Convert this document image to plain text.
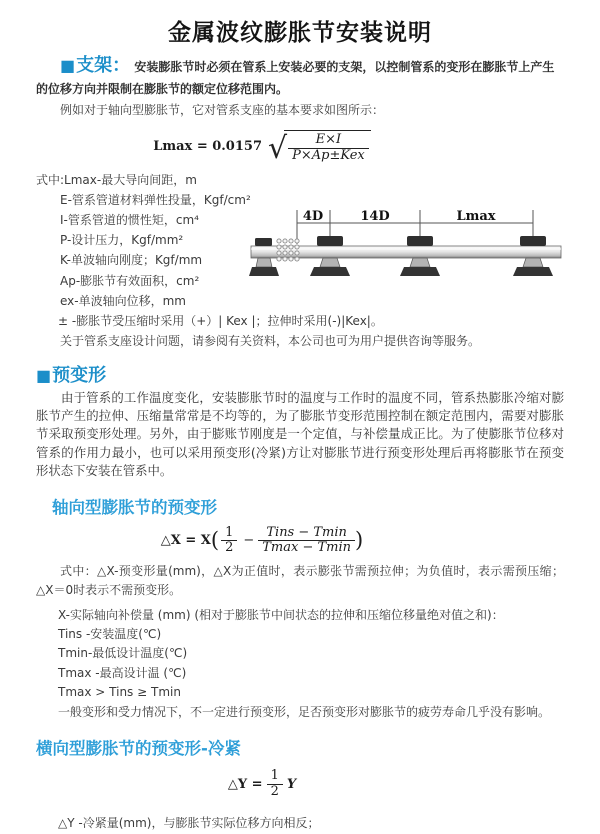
金属波纹膨胀节安装说明

■支架： 安装膨胀节时必须在管系上安装必要的支架，以控制管系的变形在膨胀节上产生的位移方向并限制在膨胀节的额定位移范围内。

例如对于轴向型膨胀节，它对管系支座的基本要求如图所示：

Lmax = 0.0157 √ $\frac{E\times I}{\text{P×Ap±Kex}}$
式中:Lmax-最大导向间距，m
E-管系管道材料弹性投量，Kgf/cm²
I-管系管道的惯性矩，cm⁴
P-设计压力，Kgf/mm²
K-单波轴向刚度；Kgf/mm
Ap-膨胀节有效面积，cm²
ex-单波轴向位移，mm
± -膨胀节受压缩时采用（+）| Kex |；拉伸时采用(-)|Kex|。
关于管系支座设计问题，请参阅有关资料，本公司也可为用户提供咨询等服务。
■预变形

由于管系的工作温度变化，安装膨胀节时的温度与工作时的温度不同，管系热膨胀冷缩对膨胀节产生的拉伸、压缩量常常是不均等的，为了膨胀节变形范围控制在额定范围内，需要对膨胀节采取预变形处理。另外，由于膨账节刚度是一个定值，与补偿量成正比。为了使膨胀节位移对管系的作用力最小，也可以采用预变形(冷紧)方让对膨胀节进行预变形处理后再将膨胀节在预变形状态下安装在管系中。

轴向型膨胀节的预变形
△X = X ( $\frac{1}{2} - \frac{\text{Tins − Tmin}}{Tmax - Tmin}$ )

式中：△X-预变形量(mm)，△X为正值时，表示膨张节需预拉伸；为负值时，表示需预压缩；△X＝0时表示不需预变形。

X-实际轴向补偿量 (mm) (相对于膨胀节中间状态的拉伸和压缩位移量绝对值之和)：
Tins -安装温度(℃)
Tmin-最低设计温度(℃)
Tmax -最高设计温 (℃)
Tmax > Tins ≥ Tmin
一般变形和受力情况下，不一定进行预变形，足否预变形对膨胀节的疲劳寿命几乎没有影响。
横向型膨胀节的预变形-冷紧
△Y = $\frac{1}{2}$ Y
△Y -冷紧量(mm)，与膨胀节实际位移方向相反；
4D	14D	Lmax
